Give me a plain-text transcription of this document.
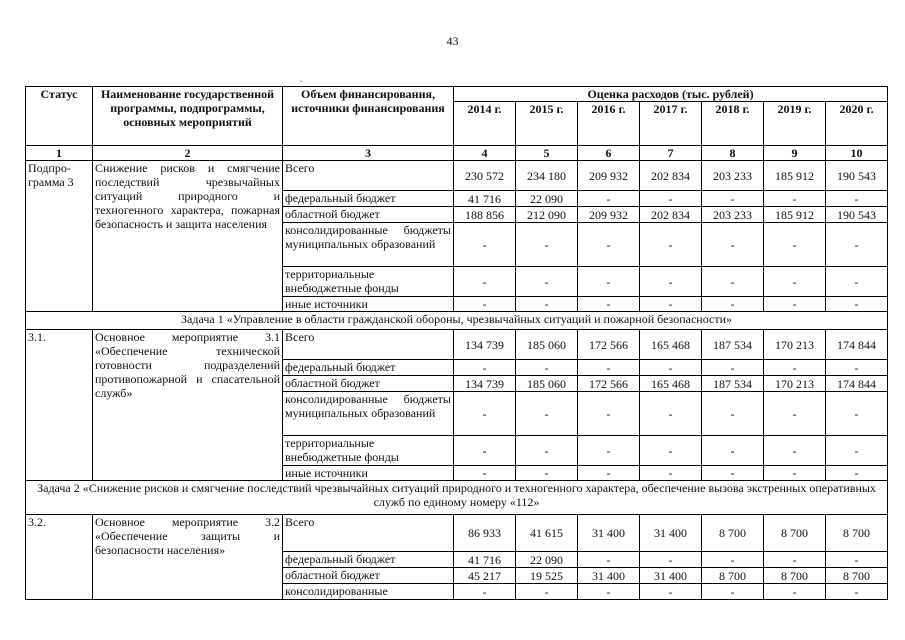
43
.
Статус	Наименование государственной программы, подпрограммы, основных мероприятий	Объем финансирования, источники финансирования	Оценка расходов (тыс. рублей)						
			2014 г.	2015 г.	2016 г.	2017 г.	2018 г.	2019 г.	2020 г.
1	2	3	4	5	6	7	8	9	10
Подпро-грамма 3	Снижение рисков и смягчение последствий чрезвычайных ситуаций природного и техногенного характера, пожарная безопасность и защита населения	Всего	230 572	234 180	209 932	202 834	203 233	185 912	190 543
		федеральный бюджет	41 716	22 090	-	-	-	-	-
		областной бюджет	188 856	212 090	209 932	202 834	203 233	185 912	190 543
		консолидированные бюджеты муниципальных образований	-	-	-	-	-	-	-
		территориальные внебюджетные фонды	-	-	-	-	-	-	-
		иные источники	-	-	-	-	-	-	-
Задача 1 «Управление в области гражданской обороны, чрезвычайных ситуаций и пожарной безопасности»									
3.1.	Основное мероприятие 3.1 «Обеспечение технической готовности подразделений противопожарной и спасательной служб»	Всего	134 739	185 060	172 566	165 468	187 534	170 213	174 844
		федеральный бюджет	-	-	-	-	-	-	-
		областной бюджет	134 739	185 060	172 566	165 468	187 534	170 213	174 844
		консолидированные бюджеты муниципальных образований	-	-	-	-	-	-	-
		территориальные внебюджетные фонды	-	-	-	-	-	-	-
		иные источники	-	-	-	-	-	-	-
Задача 2 «Снижение рисков и смягчение последствий чрезвычайных ситуаций природного и техногенного характера, обеспечение вызова экстренных оперативных служб по единому номеру «112»									
3.2.	Основное мероприятие 3.2 «Обеспечение защиты и безопасности населения»	Всего	86 933	41 615	31 400	31 400	8 700	8 700	8 700
		федеральный бюджет	41 716	22 090	-	-	-	-	-
		областной бюджет	45 217	19 525	31 400	31 400	8 700	8 700	8 700
		консолидированные	-	-	-	-	-	-	-
